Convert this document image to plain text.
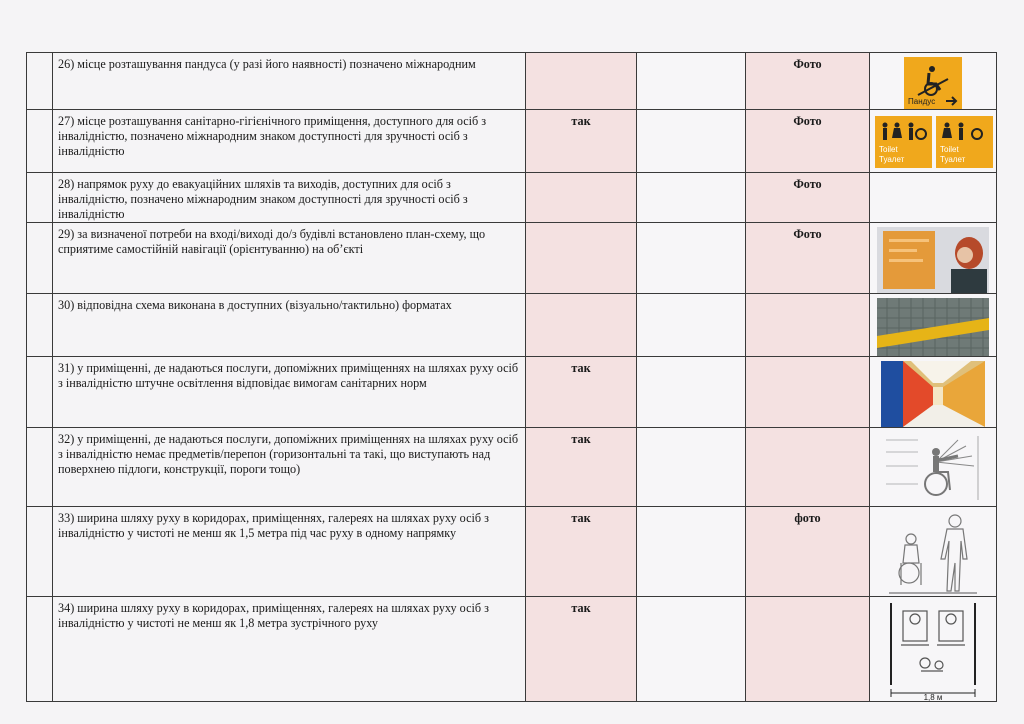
	26) місце розташування пандуса (у разі його наявності) позначено міжнародним			Фото	Пандус

	27) місце розташування санітарно-гігієнічного приміщення, доступного для осіб з інвалідністю, позначено міжнародним знаком доступності для зручності осіб з інвалідністю	так		Фото	Toilet
Туалет
Toilet
Туалет

	28) напрямок руху до евакуаційних шляхів та виходів, доступних для осіб з інвалідністю, позначено міжнародним знаком доступності для зручності осіб з інвалідністю			Фото	
	29) за визначеної потреби на вході/виході до/з будівлі встановлено план-схему, що сприятиме самостійній навігації (орієнтуванню) на об’єкті			Фото	

	30) відповідна схема виконана в доступних (візуально/тактильно) форматах				

	31) у приміщенні, де надаються послуги, допоміжних приміщеннях на шляхах руху осіб з інвалідністю штучне освітлення відповідає вимогам санітарних норм	так			

	32) у приміщенні, де надаються послуги, допоміжних приміщеннях на шляхах руху осіб з інвалідністю немає предметів/перепон (горизонтальні та такі, що виступають над поверхнею підлоги, конструкції, пороги тощо)	так			

	33) ширина шляху руху в коридорах, приміщеннях, галереях на шляхах руху осіб з інвалідністю у чистоті не менш як 1,5 метра під час руху в одному напрямку	так		фото	

	34) ширина шляху руху в коридорах, приміщеннях, галереях на шляхах руху осіб з інвалідністю у чистоті не менш як 1,8 метра зустрічного руху	так			1,8 м
